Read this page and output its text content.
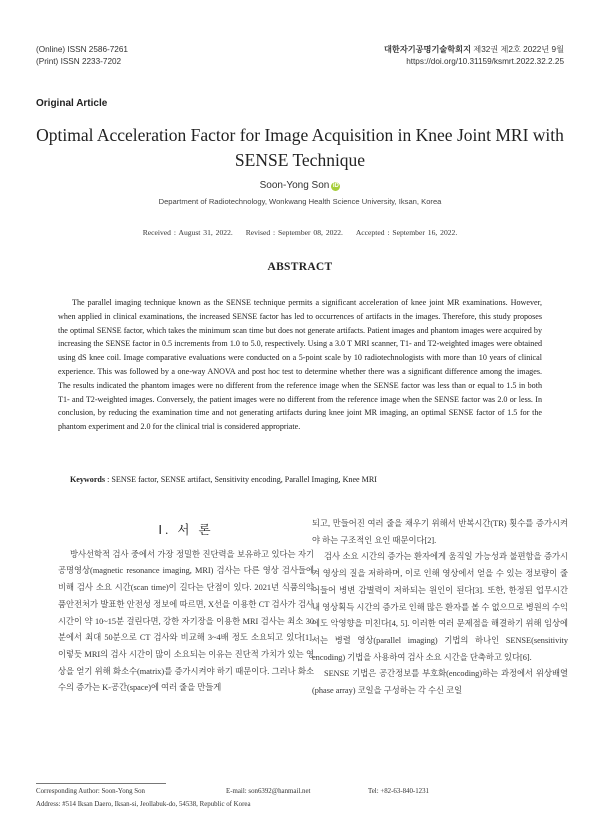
(Online) ISSN 2586-7261
(Print) ISSN 2233-7202
대한자기공명기술학회지 제32권 제2호 2022년 9월
https://doi.org/10.31159/ksmrt.2022.32.2.25
Original Article
Optimal Acceleration Factor for Image Acquisition in Knee Joint MRI with SENSE Technique
Soon-Yong Son iD
Department of Radiotechnology, Wonkwang Health Science University, Iksan, Korea
Received : August 31, 2022. Revised : September 08, 2022. Accepted : September 16, 2022.
ABSTRACT
The parallel imaging technique known as the SENSE technique permits a significant acceleration of knee joint MR examinations. However, when applied in clinical examinations, the increased SENSE factor has led to occurrences of artifacts in the images. Therefore, this study proposes the optimal SENSE factor, which takes the minimum scan time but does not generate artifacts. Patient images and phantom images were acquired by increasing the SENSE factor in 0.5 increments from 1.0 to 5.0, respectively. Using a 3.0 T MRI scanner, T1- and T2-weighted images were obtained using dS knee coil. Image comparative evaluations were conducted on a 5-point scale by 10 radiotechnologists with more than 10 years of clinical experience. This was followed by a one-way ANOVA and post hoc test to determine whether there was a significant difference among the images. The results indicated the phantom images were no different from the reference image when the SENSE factor was less than or equal to 1.5 in both T1- and T2-weighted images. Conversely, the patient images were no different from the reference image when the SENSE factor was 2.0 or less. In conclusion, by reducing the examination time and not generating artifacts during knee joint MR imaging, an optimal SENSE factor of 1.5 for the phantom experiment and 2.0 for the clinical trial is considered appropriate.
Keywords : SENSE factor, SENSE artifact, Sensitivity encoding, Parallel Imaging, Knee MRI
Ⅰ. 서 론

방사선학적 검사 중에서 가장 정밀한 진단력을 보유하고 있다는 자기공명영상(magnetic resonance imaging, MRI) 검사는 다른 영상 검사들에 비해 검사 소요 시간(scan time)이 길다는 단점이 있다. 2021년 식품의약품안전처가 발표한 안전성 정보에 따르면, X선을 이용한 CT 검사가 검사 시간이 약 10~15분 걸린다면, 강한 자기장을 이용한 MRI 검사는 최소 30분에서 최대 50분으로 CT 검사와 비교해 3~4배 정도 소요되고 있다[1]. 이렇듯 MRI의 검사 시간이 많이 소요되는 이유는 진단적 가치가 있는 영상을 얻기 위해 화소수(matrix)를 증가시켜야 하기 때문이다. 그러나 화소수의 증가는 K-공간(space)에 여러 줄을 만들게

되고, 만들어진 여러 줄을 채우기 위해서 반복시간(TR) 횟수를 증가시켜야 하는 구조적인 요인 때문이다[2].

검사 소요 시간의 증가는 환자에게 움직일 가능성과 불편함을 증가시켜 영상의 질을 저하하며, 이로 인해 영상에서 얻을 수 있는 정보량이 줄어들어 병변 감별력이 저하되는 원인이 된다[3]. 또한, 한정된 업무시간 내 영상획득 시간의 증가로 인해 많은 환자를 볼 수 없으므로 병원의 수익에도 악영향을 미친다[4, 5]. 이러한 여러 문제점을 해결하기 위해 임상에서는 병렬 영상(parallel imaging) 기법의 하나인 SENSE(sensitivity encoding) 기법을 사용하여 검사 소요 시간을 단축하고 있다[6].

SENSE 기법은 공간정보를 부호화(encoding)하는 과정에서 위상배열(phase array) 코일을 구성하는 각 수신 코일

Corresponding Author: Soon-Yong Son	E-mail: son6392@hanmail.net	Tel: +82-63-840-1231
Address: #514 Iksan Daero, Iksan-si, Jeollabuk-do, 54538, Republic of Korea
